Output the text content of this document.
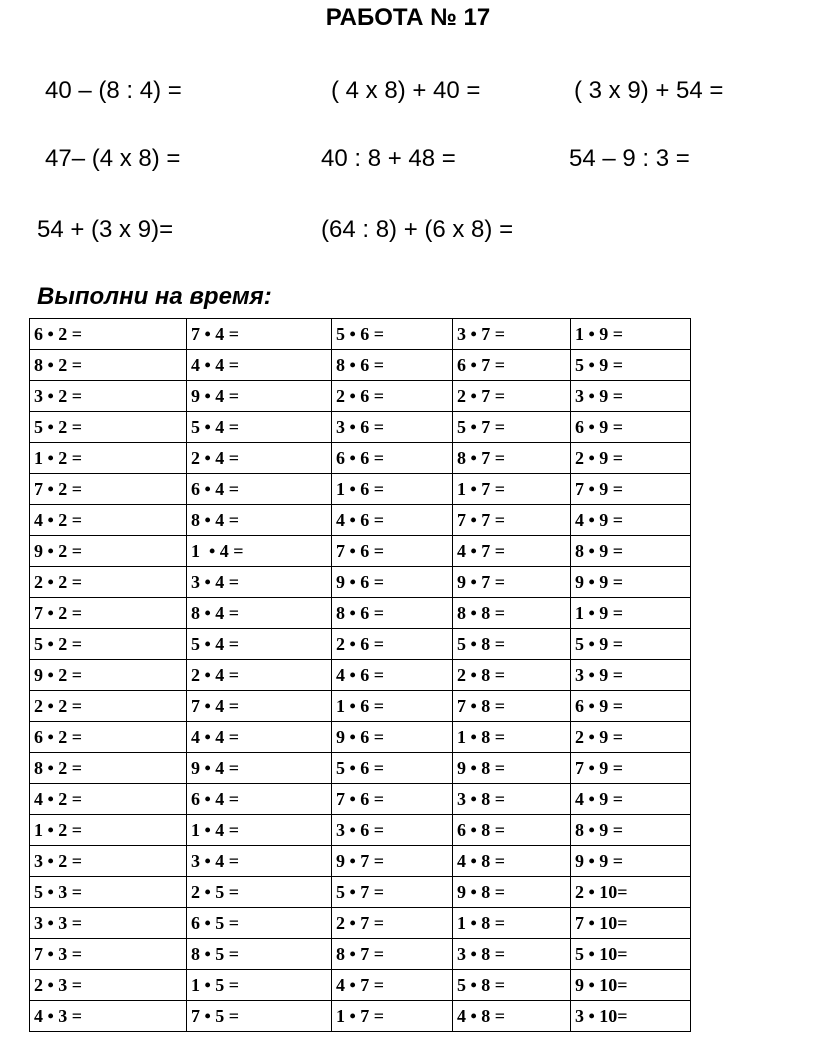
РАБОТА № 17
40 – (8 : 4) =	( 4 х 8) + 40 =	( 3 х 9) + 54 =
47– (4 х 8) =	40 : 8 + 48 =	54 – 9 : 3 =
54 + (3 х 9)=	(64 : 8) + (6 х 8) =
Выполни на время:
6 • 2 =	7 • 4 =	5 • 6 =	3 • 7 =	1 • 9 =
8 • 2 =	4 • 4 =	8 • 6 =	6 • 7 =	5 • 9 =
3 • 2 =	9 • 4 =	2 • 6 =	2 • 7 =	3 • 9 =
5 • 2 =	5 • 4 =	3 • 6 =	5 • 7 =	6 • 9 =
1 • 2 =	2 • 4 =	6 • 6 =	8 • 7 =	2 • 9 =
7 • 2 =	6 • 4 =	1 • 6 =	1 • 7 =	7 • 9 =
4 • 2 =	8 • 4 =	4 • 6 =	7 • 7 =	4 • 9 =
9 • 2 =	1  • 4 =	7 • 6 =	4 • 7 =	8 • 9 =
2 • 2 =	3 • 4 =	9 • 6 =	9 • 7 =	9 • 9 =
7 • 2 =	8 • 4 =	8 • 6 =	8 • 8 =	1 • 9 =
5 • 2 =	5 • 4 =	2 • 6 =	5 • 8 =	5 • 9 =
9 • 2 =	2 • 4 =	4 • 6 =	2 • 8 =	3 • 9 =
2 • 2 =	7 • 4 =	1 • 6 =	7 • 8 =	6 • 9 =
6 • 2 =	4 • 4 =	9 • 6 =	1 • 8 =	2 • 9 =
8 • 2 =	9 • 4 =	5 • 6 =	9 • 8 =	7 • 9 =
4 • 2 =	6 • 4 =	7 • 6 =	3 • 8 =	4 • 9 =
1 • 2 =	1 • 4 =	3 • 6 =	6 • 8 =	8 • 9 =
3 • 2 =	3 • 4 =	9 • 7 =	4 • 8 =	9 • 9 =
5 • 3 =	2 • 5 =	5 • 7 =	9 • 8 =	2 • 10=
3 • 3 =	6 • 5 =	2 • 7 =	1 • 8 =	7 • 10=
7 • 3 =	8 • 5 =	8 • 7 =	3 • 8 =	5 • 10=
2 • 3 =	1 • 5 =	4 • 7 =	5 • 8 =	9 • 10=
4 • 3 =	7 • 5 =	1 • 7 =	4 • 8 =	3 • 10=
